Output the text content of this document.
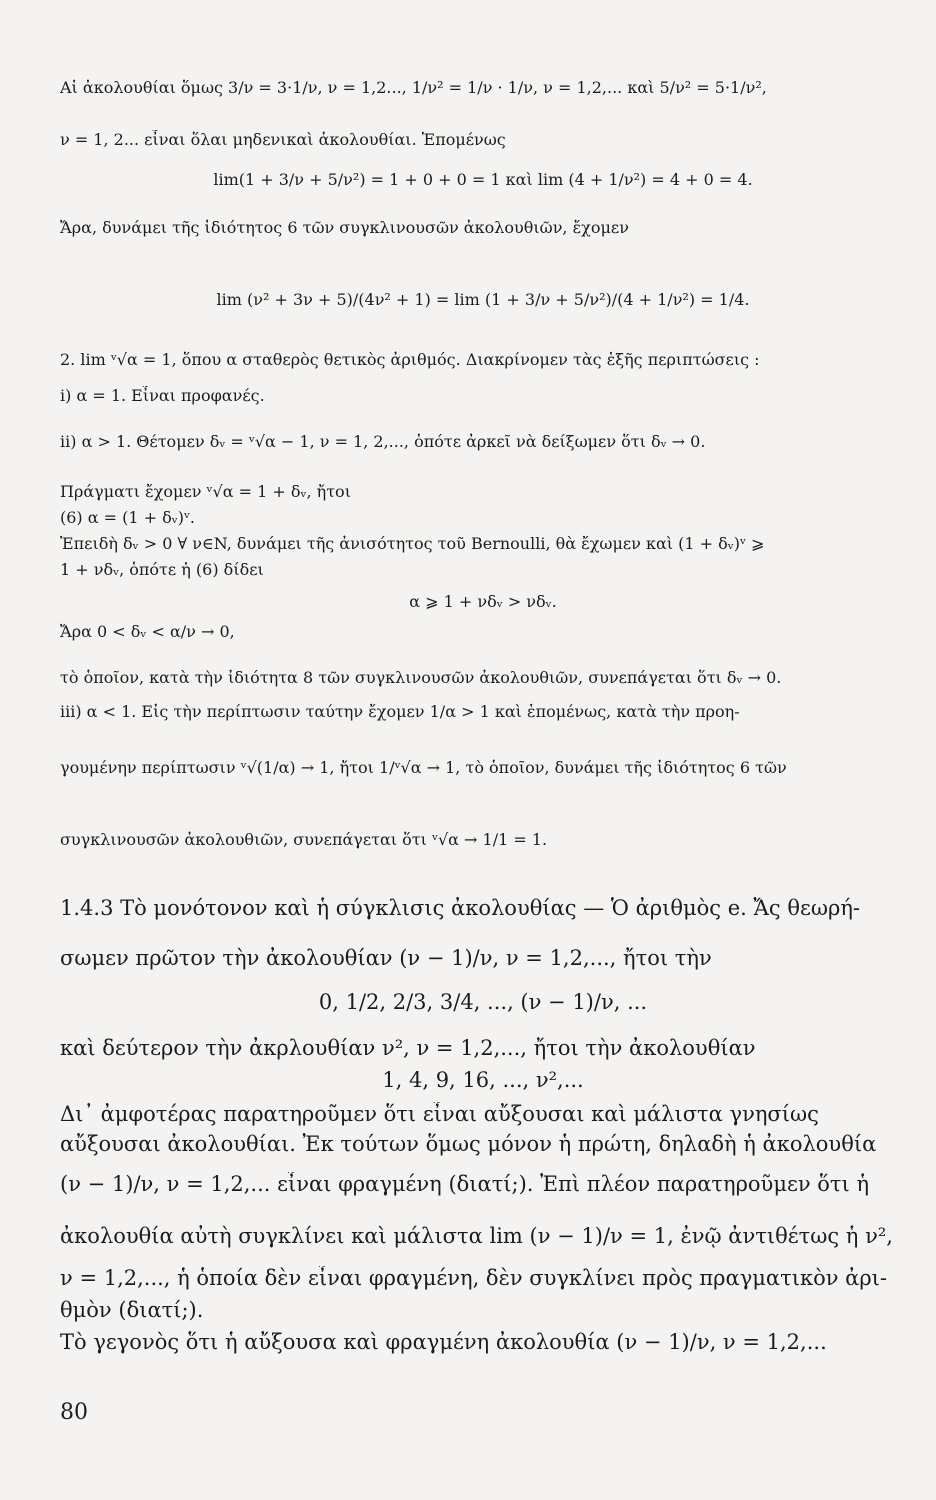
Αἱ ἀκολουθίαι ὅμως 3/ν = 3·1/ν, ν = 1,2..., 1/ν² = 1/ν · 1/ν, ν = 1,2,... καὶ 5/ν² = 5·1/ν²,
ν = 1, 2... εἶναι ὅλαι μηδενικαὶ ἀκολουθίαι. Ἑπομένως
lim(1 + 3/ν + 5/ν²) = 1 + 0 + 0 = 1 καὶ lim (4 + 1/ν²) = 4 + 0 = 4.
Ἄρα, δυνάμει τῆς ἰδιότητος 6 τῶν συγκλινουσῶν ἀκολουθιῶν, ἔχομεν
lim (ν² + 3ν + 5)/(4ν² + 1) = lim (1 + 3/ν + 5/ν²)/(4 + 1/ν²) = 1/4.
2. lim ᵛ√α = 1, ὅπου α σταθερὸς θετικὸς ἀριθμός. Διακρίνομεν τὰς ἑξῆς περιπτώσεις :
i) α = 1. Εἶναι προφανές.
ii) α > 1. Θέτομεν δᵥ = ᵛ√α − 1, ν = 1, 2,..., ὁπότε ἀρκεῖ νὰ δείξωμεν ὅτι δᵥ → 0.
Πράγματι ἔχομεν ᵛ√α = 1 + δᵥ, ἤτοι
(6) α = (1 + δᵥ)ᵛ.
Ἐπειδὴ δᵥ > 0 ∀ ν∈N, δυνάμει τῆς ἀνισότητος τοῦ Bernoulli, θὰ ἔχωμεν καὶ (1 + δᵥ)ᵛ ⩾
1 + νδᵥ, ὁπότε ἡ (6) δίδει
α ⩾ 1 + νδᵥ > νδᵥ.
Ἄρα 0 < δᵥ < α/ν → 0,
τὸ ὁποῖον, κατὰ τὴν ἰδιότητα 8 τῶν συγκλινουσῶν ἀκολουθιῶν, συνεπάγεται ὅτι δᵥ → 0.
iii) α < 1. Εἰς τὴν περίπτωσιν ταύτην ἔχομεν 1/α > 1 καὶ ἑπομένως, κατὰ τὴν προη-
γουμένην περίπτωσιν ᵛ√(1/α) → 1, ἤτοι 1/ᵛ√α → 1, τὸ ὁποῖον, δυνάμει τῆς ἰδιότητος 6 τῶν
συγκλινουσῶν ἀκολουθιῶν, συνεπάγεται ὅτι ᵛ√α → 1/1 = 1.
1.4.3 Τὸ μονότονον καὶ ἡ σύγκλισις ἀκολουθίας — Ὁ ἀριθμὸς e. Ἄς θεωρή-
σωμεν πρῶτον τὴν ἀκολουθίαν (ν − 1)/ν, ν = 1,2,..., ἤτοι τὴν
0, 1/2, 2/3, 3/4, ..., (ν − 1)/ν, ...
καὶ δεύτερον τὴν ἀκρλουθίαν ν², ν = 1,2,..., ἤτοι τὴν ἀκολουθίαν
1, 4, 9, 16, ..., ν²,...
Δι᾿ ἀμφοτέρας παρατηροῦμεν ὅτι εἶναι αὔξουσαι καὶ μάλιστα γνησίως
αὔξουσαι ἀκολουθίαι. Ἐκ τούτων ὅμως μόνον ἡ πρώτη, δηλαδὴ ἡ ἀκολουθία
(ν − 1)/ν, ν = 1,2,... εἶναι φραγμένη (διατί;). Ἐπὶ πλέον παρατηροῦμεν ὅτι ἡ
ἀκολουθία αὐτὴ συγκλίνει καὶ μάλιστα lim (ν − 1)/ν = 1, ἐνῷ ἀντιθέτως ἡ ν²,
ν = 1,2,..., ἡ ὁποία δὲν εἶναι φραγμένη, δὲν συγκλίνει πρὸς πραγματικὸν ἀρι-
θμὸν (διατί;).
Τὸ γεγονὸς ὅτι ἡ αὔξουσα καὶ φραγμένη ἀκολουθία (ν − 1)/ν, ν = 1,2,...
80
